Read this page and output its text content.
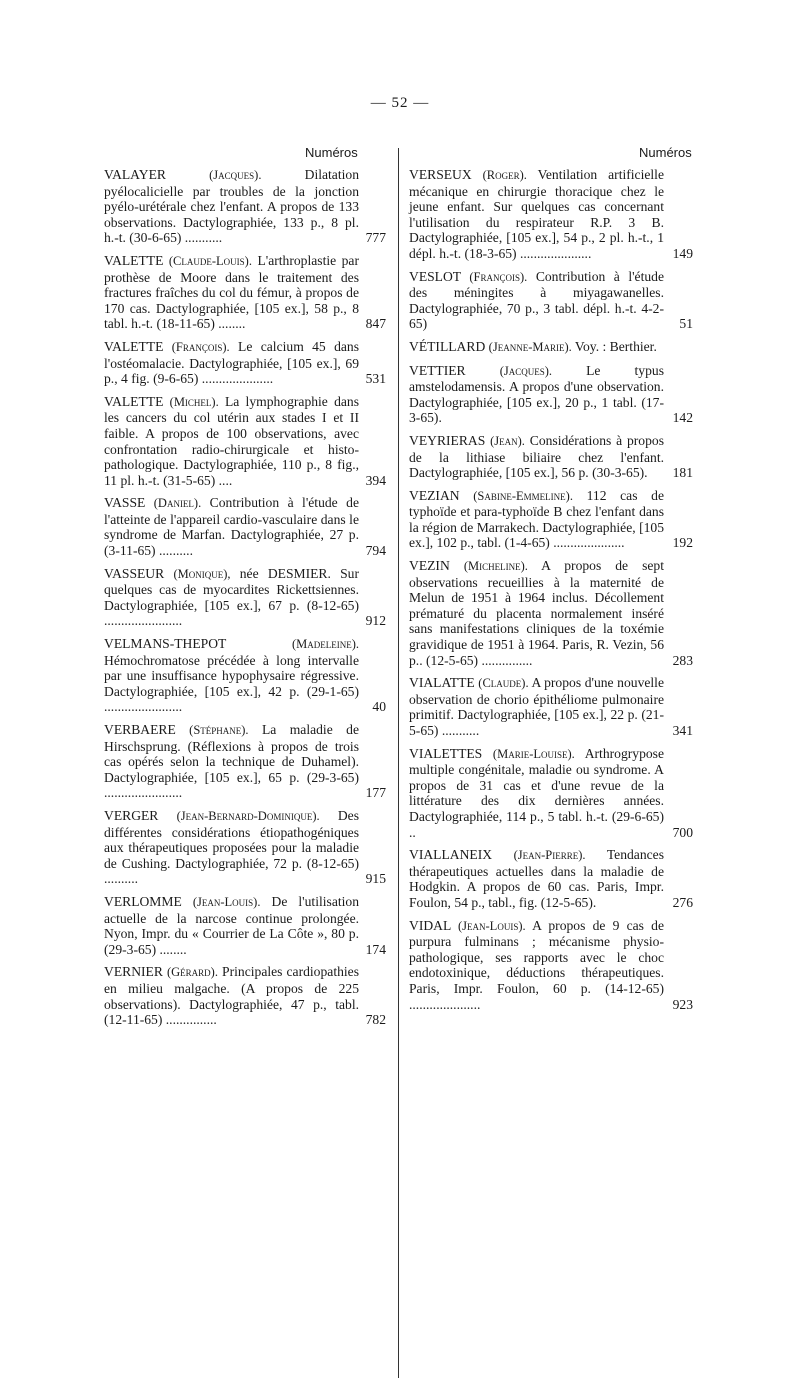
— 52 —
Numéros	Numéros
VALAYER	(Jacques).	Dilatation pyélocalicielle par troubles de la jonction pyélo-urétérale chez l'enfant. A propos de 133 observations. Dactylographiée, 133 p., 8 pl. h.-t. (30-6-65) ...........	777
VALETTE (Claude-Louis). L'arthroplastie par prothèse de Moore dans le traitement des fractures fraîches du col du fémur, à propos de 170 cas. Dactylographiée, [105 ex.], 58 p., 8 tabl. h.-t. (18-11-65) ........	847
VALETTE (François). Le calcium 45 dans l'ostéomalacie. Dactylographiée, [105 ex.], 69 p., 4 fig. (9-6-65) .....................	531
VALETTE (Michel). La lymphographie dans les cancers du col utérin aux stades I et II faible. A propos de 100 observations, avec confrontation radio-chirurgicale et histo-pathologique. Dactylographiée, 110 p., 8 fig., 11 pl. h.-t. (31-5-65) ....	394
VASSE (Daniel). Contribution à l'étude de l'atteinte de l'appareil cardio-vasculaire dans le syndrome de Marfan. Dactylographiée, 27 p. (3-11-65) ..........	794
VASSEUR (Monique), née DESMIER. Sur quelques cas de myocardites Rickettsiennes. Dactylographiée, [105 ex.], 67 p. (8-12-65) .......................	912
VELMANS-THEPOT	(Madeleine). Hémochromatose précédée à long intervalle par une insuffisance hypophysaire régressive. Dactylographiée, [105 ex.], 42 p. (29-1-65) .......................	40
VERBAERE (Stéphane). La maladie de Hirschsprung. (Réflexions à propos de trois cas opérés selon la technique de Duhamel). Dactylographiée, [105 ex.], 65 p. (29-3-65) .......................	177
VERGER (Jean-Bernard-Dominique). Des différentes considérations étiopathogéniques aux thérapeutiques proposées pour la maladie de Cushing. Dactylographiée, 72 p. (8-12-65) ..........	915
VERLOMME (Jean-Louis). De l'utilisation actuelle de la narcose continue prolongée. Nyon, Impr. du « Courrier de La Côte », 80 p. (29-3-65) ........	174
VERNIER (Gérard). Principales cardiopathies en milieu malgache. (A propos de 225 observations). Dactylographiée, 47 p., tabl. (12-11-65) ...............	782
VERSEUX (Roger). Ventilation artificielle mécanique en chirurgie thoracique chez le jeune enfant. Sur quelques cas concernant l'utilisation du respirateur R.P. 3 B. Dactylographiée, [105 ex.], 54 p., 2 pl. h.-t., 1 dépl. h.-t. (18-3-65) .....................	149
VESLOT (François). Contribution à l'étude des méningites à miyagawanelles. Dactylographiée, 70 p., 3 tabl. dépl. h.-t. 4-2-65)	51
VÉTILLARD (Jeanne-Marie). Voy. : Berthier.
VETTIER	(Jacques).	Le typus amstelodamensis. A propos d'une observation. Dactylographiée, [105 ex.], 20 p., 1 tabl. (17-3-65).	142
VEYRIERAS (Jean). Considérations à propos de la lithiase biliaire chez l'enfant. Dactylographiée, [105 ex.], 56 p. (30-3-65).	181
VEZIAN (Sabine-Emmeline). 112 cas de typhoïde et para-typhoïde B chez l'enfant dans la région de Marrakech. Dactylographiée, [105 ex.], 102 p., tabl. (1-4-65) .....................	192
VEZIN (Micheline). A propos de sept observations recueillies à la maternité de Melun de 1951 à 1964 inclus. Décollement prématuré du placenta normalement inséré sans manifestations cliniques de la toxémie gravidique de 1951 à 1964. Paris, R. Vezin, 56 p.. (12-5-65) ...............	283
VIALATTE (Claude). A propos d'une nouvelle observation de chorio épithéliome pulmonaire primitif. Dactylographiée, [105 ex.], 22 p. (21-5-65) ...........	341
VIALETTES (Marie-Louise). Arthrogrypose multiple congénitale, maladie ou syndrome. A propos de 31 cas et d'une revue de la littérature des dix dernières années. Dactylographiée, 114 p., 5 tabl. h.-t. (29-6-65) ..	700
VIALLANEIX (Jean-Pierre). Tendances thérapeutiques actuelles dans la maladie de Hodgkin. A propos de 60 cas. Paris, Impr. Foulon, 54 p., tabl., fig. (12-5-65).	276
VIDAL (Jean-Louis). A propos de 9 cas de purpura fulminans ; mécanisme physio-pathologique, ses rapports avec le choc endotoxinique, déductions thérapeutiques. Paris, Impr. Foulon, 60 p. (14-12-65) .....................	923
